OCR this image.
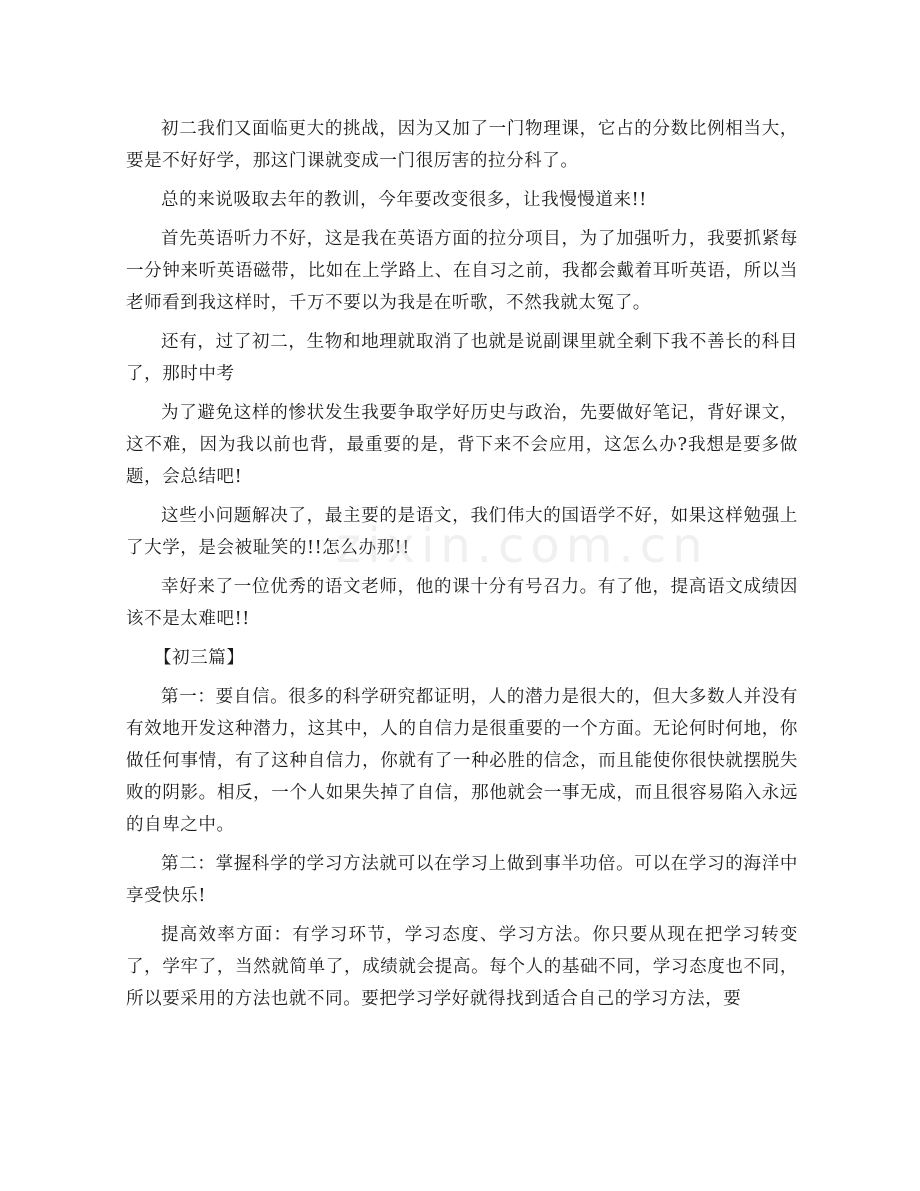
初二我们又面临更大的挑战，因为又加了一门物理课，它占的分数比例相当大，要是不好好学，那这门课就变成一门很厉害的拉分科了。

总的来说吸取去年的教训，今年要改变很多，让我慢慢道来!!

首先英语听力不好，这是我在英语方面的拉分项目，为了加强听力，我要抓紧每一分钟来听英语磁带，比如在上学路上、在自习之前，我都会戴着耳听英语，所以当老师看到我这样时，千万不要以为我是在听歌，不然我就太冤了。

还有，过了初二，生物和地理就取消了也就是说副课里就全剩下我不善长的科目了，那时中考

为了避免这样的惨状发生我要争取学好历史与政治，先要做好笔记，背好课文，这不难，因为我以前也背，最重要的是，背下来不会应用，这怎么办?我想是要多做题，会总结吧!

这些小问题解决了，最主要的是语文，我们伟大的国语学不好，如果这样勉强上了大学，是会被耻笑的!!怎么办那!!

幸好来了一位优秀的语文老师，他的课十分有号召力。有了他，提高语文成绩因该不是太难吧!!

【初三篇】

第一：要自信。很多的科学研究都证明，人的潜力是很大的，但大多数人并没有有效地开发这种潜力，这其中，人的自信力是很重要的一个方面。无论何时何地，你做任何事情，有了这种自信力，你就有了一种必胜的信念，而且能使你很快就摆脱失败的阴影。相反，一个人如果失掉了自信，那他就会一事无成，而且很容易陷入永远的自卑之中。

第二：掌握科学的学习方法就可以在学习上做到事半功倍。可以在学习的海洋中享受快乐!

提高效率方面：有学习环节，学习态度、学习方法。你只要从现在把学习转变了，学牢了，当然就简单了，成绩就会提高。每个人的基础不同，学习态度也不同，所以要采用的方法也就不同。要把学习学好就得找到适合自己的学习方法，要

zixin.com.cn
